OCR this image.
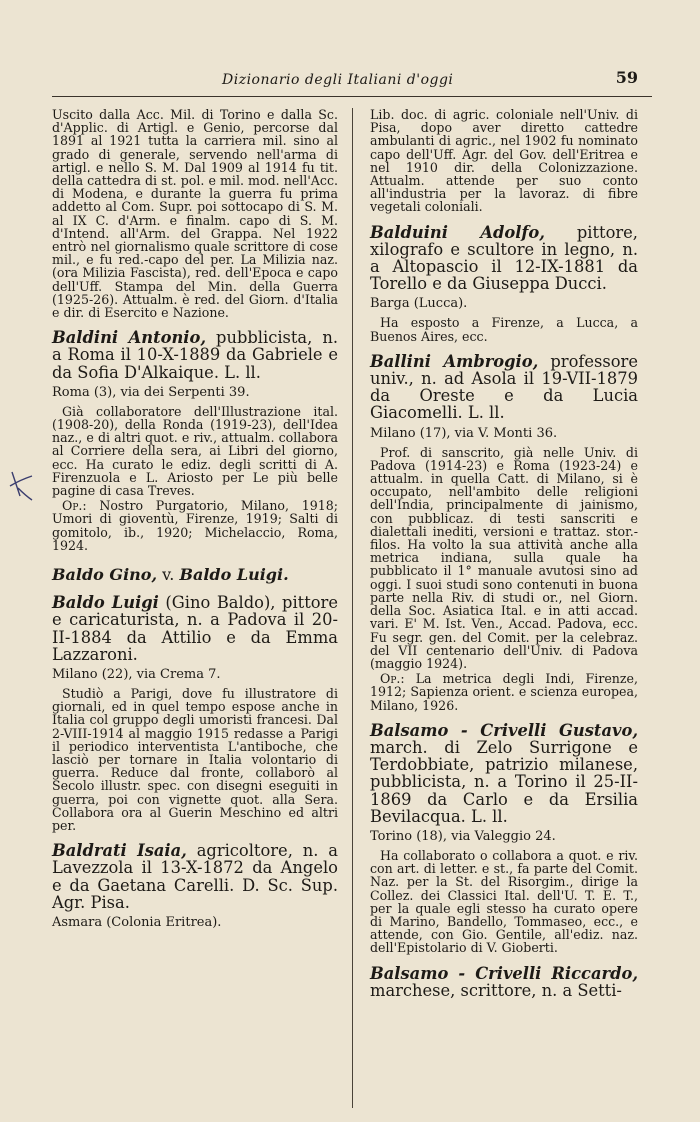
Dizionario degli Italiani d'oggi	59

Uscito dalla Acc. Mil. di Torino e dalla Sc. d'Applic. di Artigl. e Genio, percorse dal 1891 al 1921 tutta la carriera mil. sino al grado di generale, servendo nell'arma di artigl. e nello S. M. Dal 1909 al 1914 fu tit. della cattedra di st. pol. e mil. mod. nell'Acc. di Modena, e durante la guerra fu prima addetto al Com. Supr. poi sottocapo di S. M. al IX C. d'Arm. e finalm. capo di S. M. d'Intend. all'Arm. del Grappa. Nel 1922 entrò nel giornalismo quale scrittore di cose mil., e fu red.-capo del per. La Milizia naz. (ora Milizia Fascista), red. dell'Epoca e capo dell'Uff. Stampa del Min. della Guerra (1925-26). Attualm. è red. del Giorn. d'Italia e dir. di Esercito e Nazione.

Baldini Antonio, pubblicista, n. a Roma il 10-X-1889 da Gabriele e da Sofia D'Alkaique. L. ll.

Roma (3), via dei Serpenti 39.

Già collaboratore dell'Illustrazione ital. (1908-20), della Ronda (1919-23), dell'Idea naz., e di altri quot. e riv., attualm. collabora al Corriere della sera, ai Libri del giorno, ecc. Ha curato le ediz. degli scritti di A. Firenzuola e L. Ariosto per Le più belle pagine di casa Treves.

Op.: Nostro Purgatorio, Milano, 1918; Umori di gioventù, Firenze, 1919; Salti di gomitolo, ib., 1920; Michelaccio, Roma, 1924.

Baldo Gino, v. Baldo Luigi.

Baldo Luigi (Gino Baldo), pittore e caricaturista, n. a Padova il 20-II-1884 da Attilio e da Emma Lazzaroni.

Milano (22), via Crema 7.

Studiò a Parigi, dove fu illustratore di giornali, ed in quel tempo espose anche in Italia col gruppo degli umoristi francesi. Dal 2-VIII-1914 al maggio 1915 redasse a Parigi il periodico interventista L'antiboche, che lasciò per tornare in Italia volontario di guerra. Reduce dal fronte, collaborò al Secolo illustr. spec. con disegni eseguiti in guerra, poi con vignette quot. alla Sera. Collabora ora al Guerin Meschino ed altri per.

Baldrati Isaia, agricoltore, n. a Lavezzola il 13-X-1872 da Angelo e da Gaetana Carelli. D. Sc. Sup. Agr. Pisa.

Asmara (Colonia Eritrea).

Lib. doc. di agric. coloniale nell'Univ. di Pisa, dopo aver diretto cattedre ambulanti di agric., nel 1902 fu nominato capo dell'Uff. Agr. del Gov. dell'Eritrea e nel 1910 dir. della Colonizzazione. Attualm. attende per suo conto all'industria per la lavoraz. di fibre vegetali coloniali.

Balduini Adolfo, pittore, xilografo e scultore in legno, n. a Altopascio il 12-IX-1881 da Torello e da Giuseppa Ducci.

Barga (Lucca).

Ha esposto a Firenze, a Lucca, a Buenos Aires, ecc.

Ballini Ambrogio, professore univ., n. ad Asola il 19-VII-1879 da Oreste e da Lucia Giacomelli. L. ll.

Milano (17), via V. Monti 36.

Prof. di sanscrito, già nelle Univ. di Padova (1914-23) e Roma (1923-24) e attualm. in quella Catt. di Milano, si è occupato, nell'ambito delle religioni dell'India, principalmente di jainismo, con pubblicaz. di testi sanscriti e dialettali inediti, versioni e trattaz. stor.-filos. Ha volto la sua attività anche alla metrica indiana, sulla quale ha pubblicato il 1° manuale avutosi sino ad oggi. I suoi studi sono contenuti in buona parte nella Riv. di studi or., nel Giorn. della Soc. Asiatica Ital. e in atti accad. vari. E' M. Ist. Ven., Accad. Padova, ecc. Fu segr. gen. del Comit. per la celebraz. del VII centenario dell'Univ. di Padova (maggio 1924).

Op.: La metrica degli Indi, Firenze, 1912; Sapienza orient. e scienza europea, Milano, 1926.

Balsamo - Crivelli Gustavo, march. di Zelo Surrigone e Terdobbiate, patrizio milanese, pubblicista, n. a Torino il 25-II-1869 da Carlo e da Ersilia Bevilacqua. L. ll.

Torino (18), via Valeggio 24.

Ha collaborato o collabora a quot. e riv. con art. di letter. e st., fa parte del Comit. Naz. per la St. del Risorgim., dirige la Collez. dei Classici Ital. dell'U. T. E. T., per la quale egli stesso ha curato opere di Marino, Bandello, Tommaseo, ecc., e attende, con Gio. Gentile, all'ediz. naz. dell'Epistolario di V. Gioberti.

Balsamo - Crivelli Riccardo, marchese, scrittore, n. a Setti-
